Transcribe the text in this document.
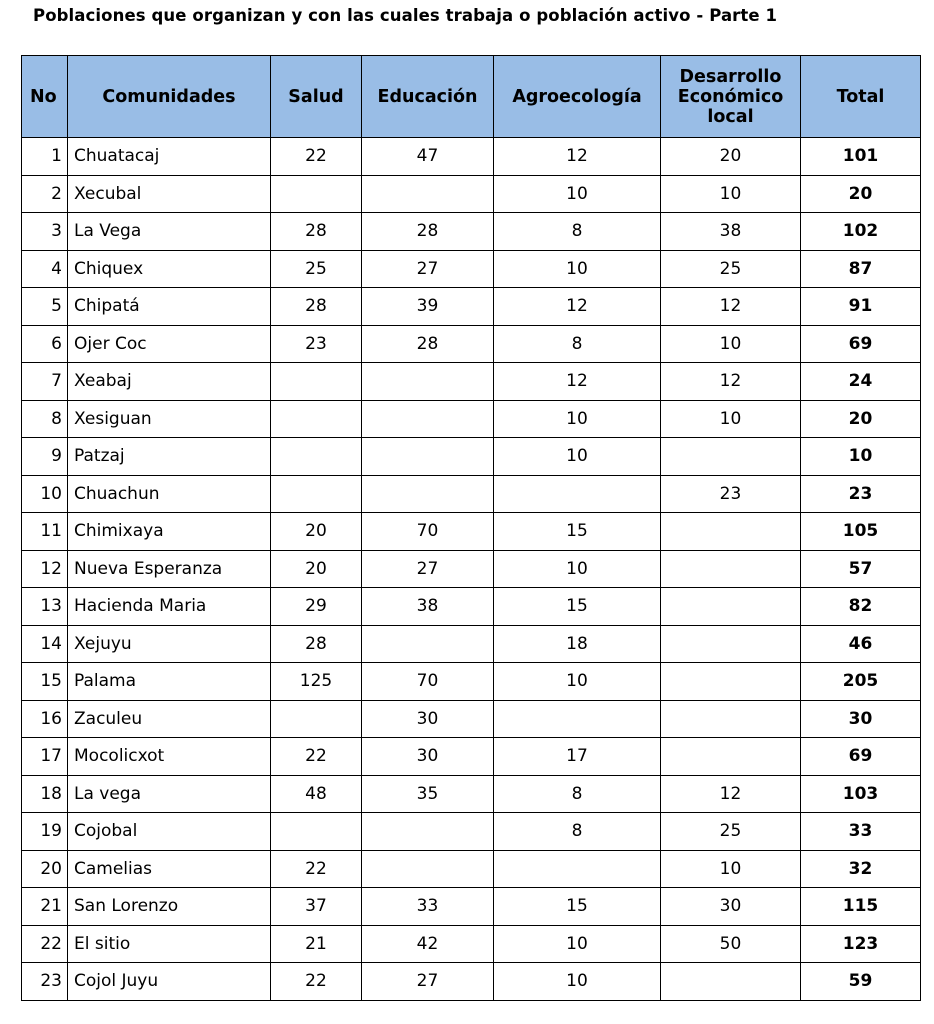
Poblaciones que organizan y con las cuales trabaja o población activo - Parte 1
No	Comunidades	Salud	Educación	Agroecología	Desarrollo
Económico
local	Total
1	Chuatacaj	22	47	12	20	101
2	Xecubal			10	10	20
3	La Vega	28	28	8	38	102
4	Chiquex	25	27	10	25	87
5	Chipatá	28	39	12	12	91
6	Ojer Coc	23	28	8	10	69
7	Xeabaj			12	12	24
8	Xesiguan			10	10	20
9	Patzaj			10		10
10	Chuachun				23	23
11	Chimixaya	20	70	15		105
12	Nueva Esperanza	20	27	10		57
13	Hacienda Maria	29	38	15		82
14	Xejuyu	28		18		46
15	Palama	125	70	10		205
16	Zaculeu		30			30
17	Mocolicxot	22	30	17		69
18	La vega	48	35	8	12	103
19	Cojobal			8	25	33
20	Camelias	22			10	32
21	San Lorenzo	37	33	15	30	115
22	El sitio	21	42	10	50	123
23	Cojol Juyu	22	27	10		59
